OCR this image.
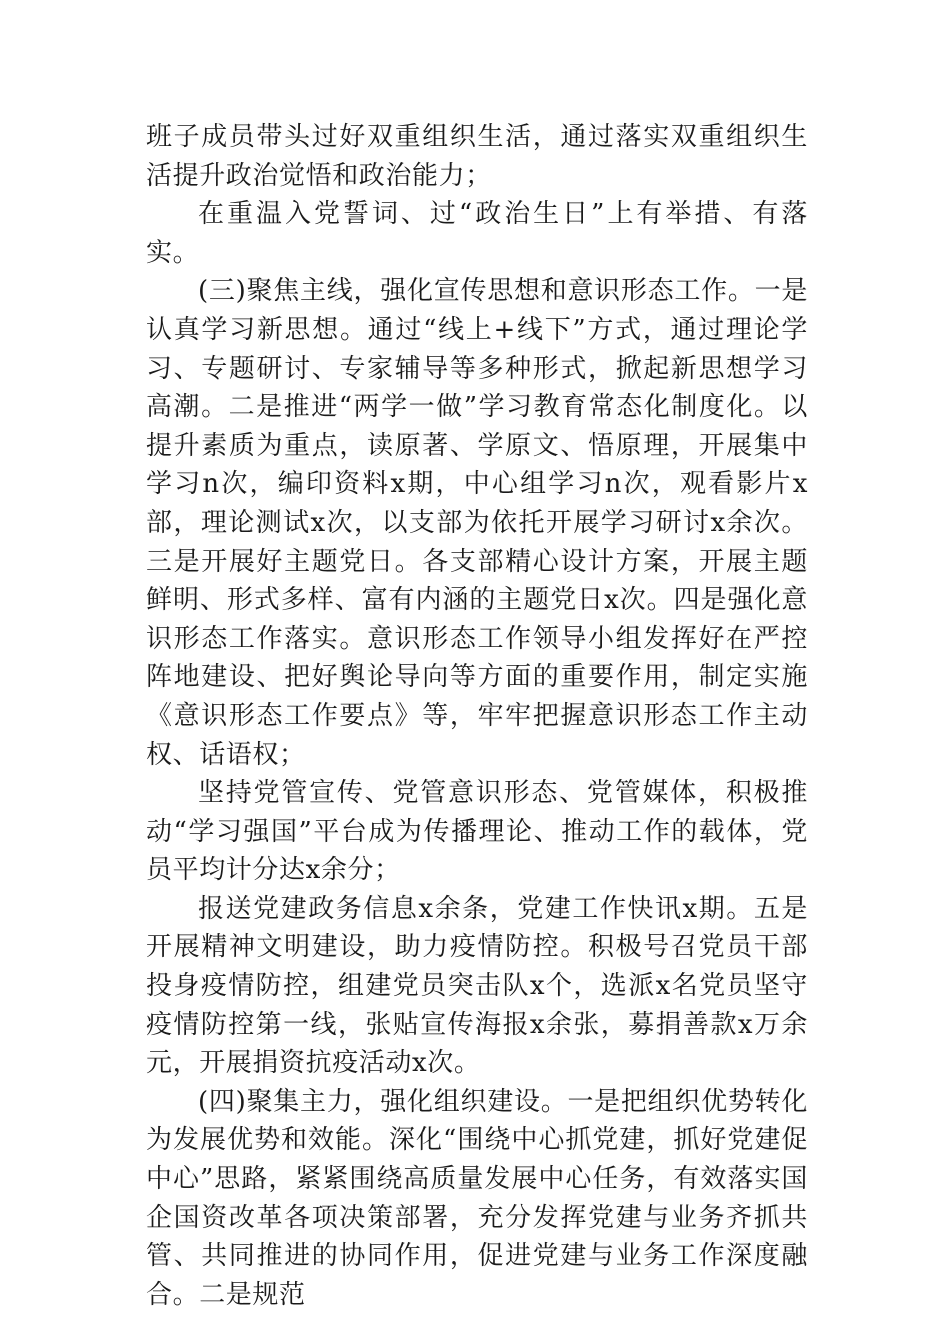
班子成员带头过好双重组织生活，通过落实双重组织生活提升政治觉悟和政治能力；

在重温入党誓词、过“政治生日”上有举措、有落实。

(三)聚焦主线，强化宣传思想和意识形态工作。一是认真学习新思想。通过“线上+线下”方式，通过理论学习、专题研讨、专家辅导等多种形式，掀起新思想学习高潮。二是推进“两学一做”学习教育常态化制度化。以提升素质为重点，读原著、学原文、悟原理，开展集中学习n次，编印资料x期，中心组学习n次，观看影片x部，理论测试x次，以支部为依托开展学习研讨x余次。三是开展好主题党日。各支部精心设计方案，开展主题鲜明、形式多样、富有内涵的主题党日x次。四是强化意识形态工作落实。意识形态工作领导小组发挥好在严控阵地建设、把好舆论导向等方面的重要作用，制定实施《意识形态工作要点》等，牢牢把握意识形态工作主动权、话语权；

坚持党管宣传、党管意识形态、党管媒体，积极推动“学习强国”平台成为传播理论、推动工作的载体，党员平均计分达x余分；

报送党建政务信息x余条，党建工作快讯x期。五是开展精神文明建设，助力疫情防控。积极号召党员干部投身疫情防控，组建党员突击队x个，选派x名党员坚守疫情防控第一线，张贴宣传海报x余张，募捐善款x万余元，开展捐资抗疫活动x次。

(四)聚集主力，强化组织建设。一是把组织优势转化为发展优势和效能。深化“围绕中心抓党建，抓好党建促中心”思路，紧紧围绕高质量发展中心任务，有效落实国企国资改革各项决策部署，充分发挥党建与业务齐抓共管、共同推进的协同作用，促进党建与业务工作深度融合。二是规范
